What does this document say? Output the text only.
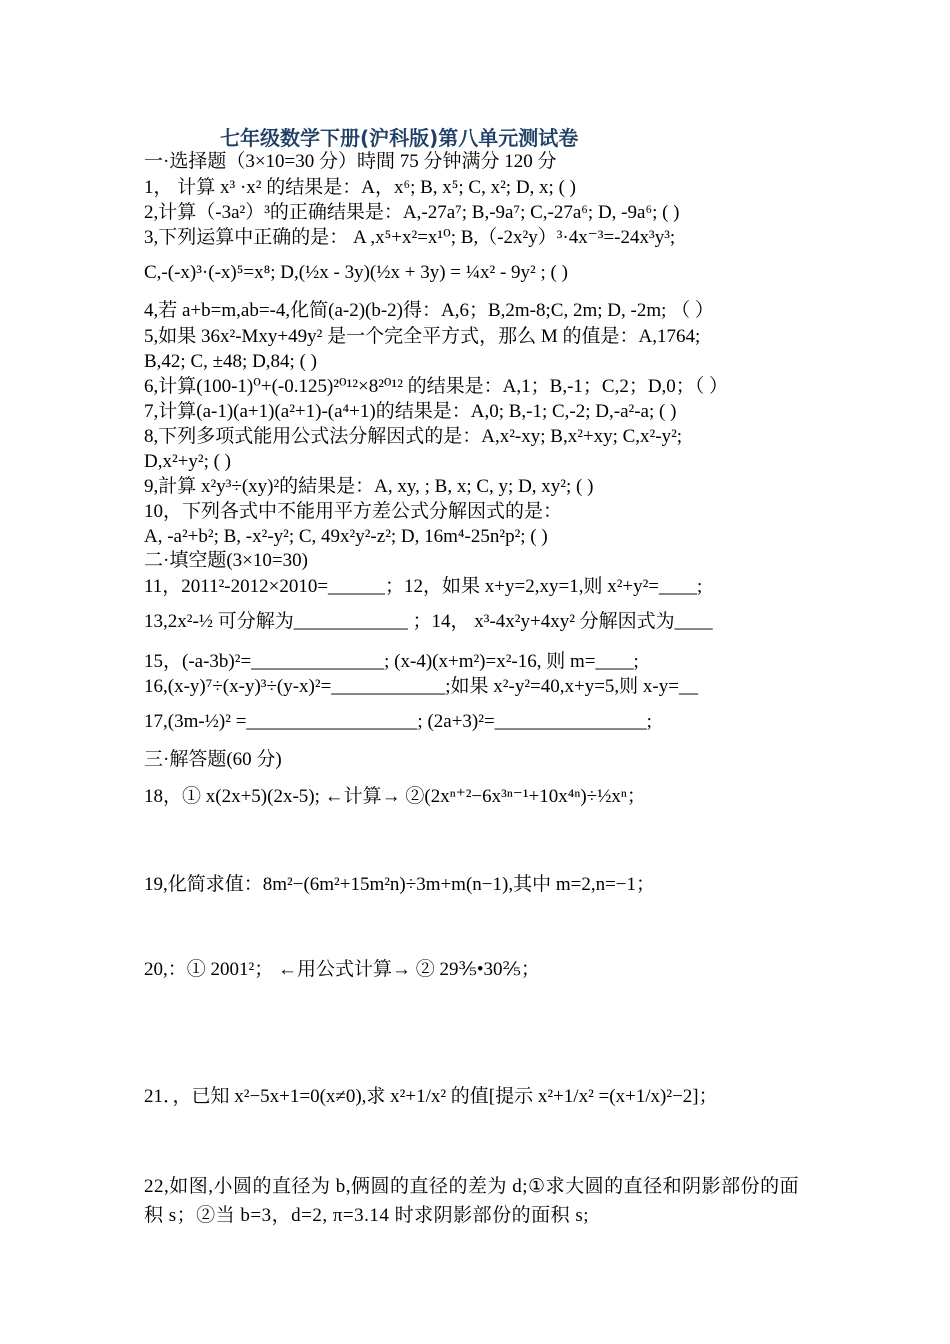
七年级数学下册(沪科版)第八单元测试卷
一·选择题（3×10=30 分）時間 75 分钟满分 120 分
1， 计算 x³ ·x² 的结果是：A，x⁶; B, x⁵; C, x²; D, x; ( )
2,计算（-3a²）³的正确结果是：A,-27a⁷; B,-9a⁷; C,-27a⁶; D, -9a⁶; ( )
3,下列运算中正确的是： A ,x⁵+x²=x¹⁰; B,（-2x²y）³·4x⁻³=-24x³y³;
C,-(-x)³·(-x)⁵=x⁸; D,(½x - 3y)(½x + 3y) = ¼x² - 9y² ; ( )
4,若 a+b=m,ab=-4,化简(a-2)(b-2)得：A,6；B,2m-8;C, 2m; D, -2m; （ ）
5,如果 36x²-Mxy+49y² 是一个完全平方式，那么 M 的值是：A,1764;
B,42; C, ±48; D,84; ( )
6,计算(100-1)⁰+(-0.125)²⁰¹²×8²⁰¹² 的结果是：A,1；B,-1；C,2；D,0；（ ）
7,计算(a-1)(a+1)(a²+1)-(a⁴+1)的结果是：A,0; B,-1; C,-2; D,-a²-a; ( )
8,下列多项式能用公式法分解因式的是：A,x²-xy; B,x²+xy; C,x²-y²;
D,x²+y²; ( )
9,計算 x²y³÷(xy)²的結果是：A, xy, ; B, x; C, y; D, xy²; ( )
10，下列各式中不能用平方差公式分解因式的是：
A, -a²+b²; B, -x²-y²; C, 49x²y²-z²; D, 16m⁴-25n²p²; ( )
二·填空题(3×10=30)
11，2011²-2012×2010=______；12，如果 x+y=2,xy=1,则 x²+y²=____;
13,2x²-½ 可分解为____________ ；14， x³-4x²y+4xy² 分解因式为____
15，(-a-3b)²=______________; (x-4)(x+m²)=x²-16, 则 m=____;
16,(x-y)⁷÷(x-y)³÷(y-x)²=____________;如果 x²-y²=40,x+y=5,则 x-y=__
17,(3m-½)² =__________________; (2a+3)²=________________;
三·解答题(60 分)
18，① x(2x+5)(2x-5); ←计算→ ②(2xⁿ⁺²−6x³ⁿ⁻¹+10x⁴ⁿ)÷½xⁿ；
19,化简求值：8m²−(6m²+15m²n)÷3m+m(n−1),其中 m=2,n=−1；
20,：① 2001²； ←用公式计算→ ② 29⅗•30⅖；
21．，已知 x²−5x+1=0(x≠0),求 x²+1/x² 的值[提示 x²+1/x² =(x+1/x)²−2]；
22,如图,小圆的直径为 b,俩圆的直径的差为 d;①求大圆的直径和阴影部份的面积 s；②当 b=3，d=2, π=3.14 时求阴影部份的面积 s;
